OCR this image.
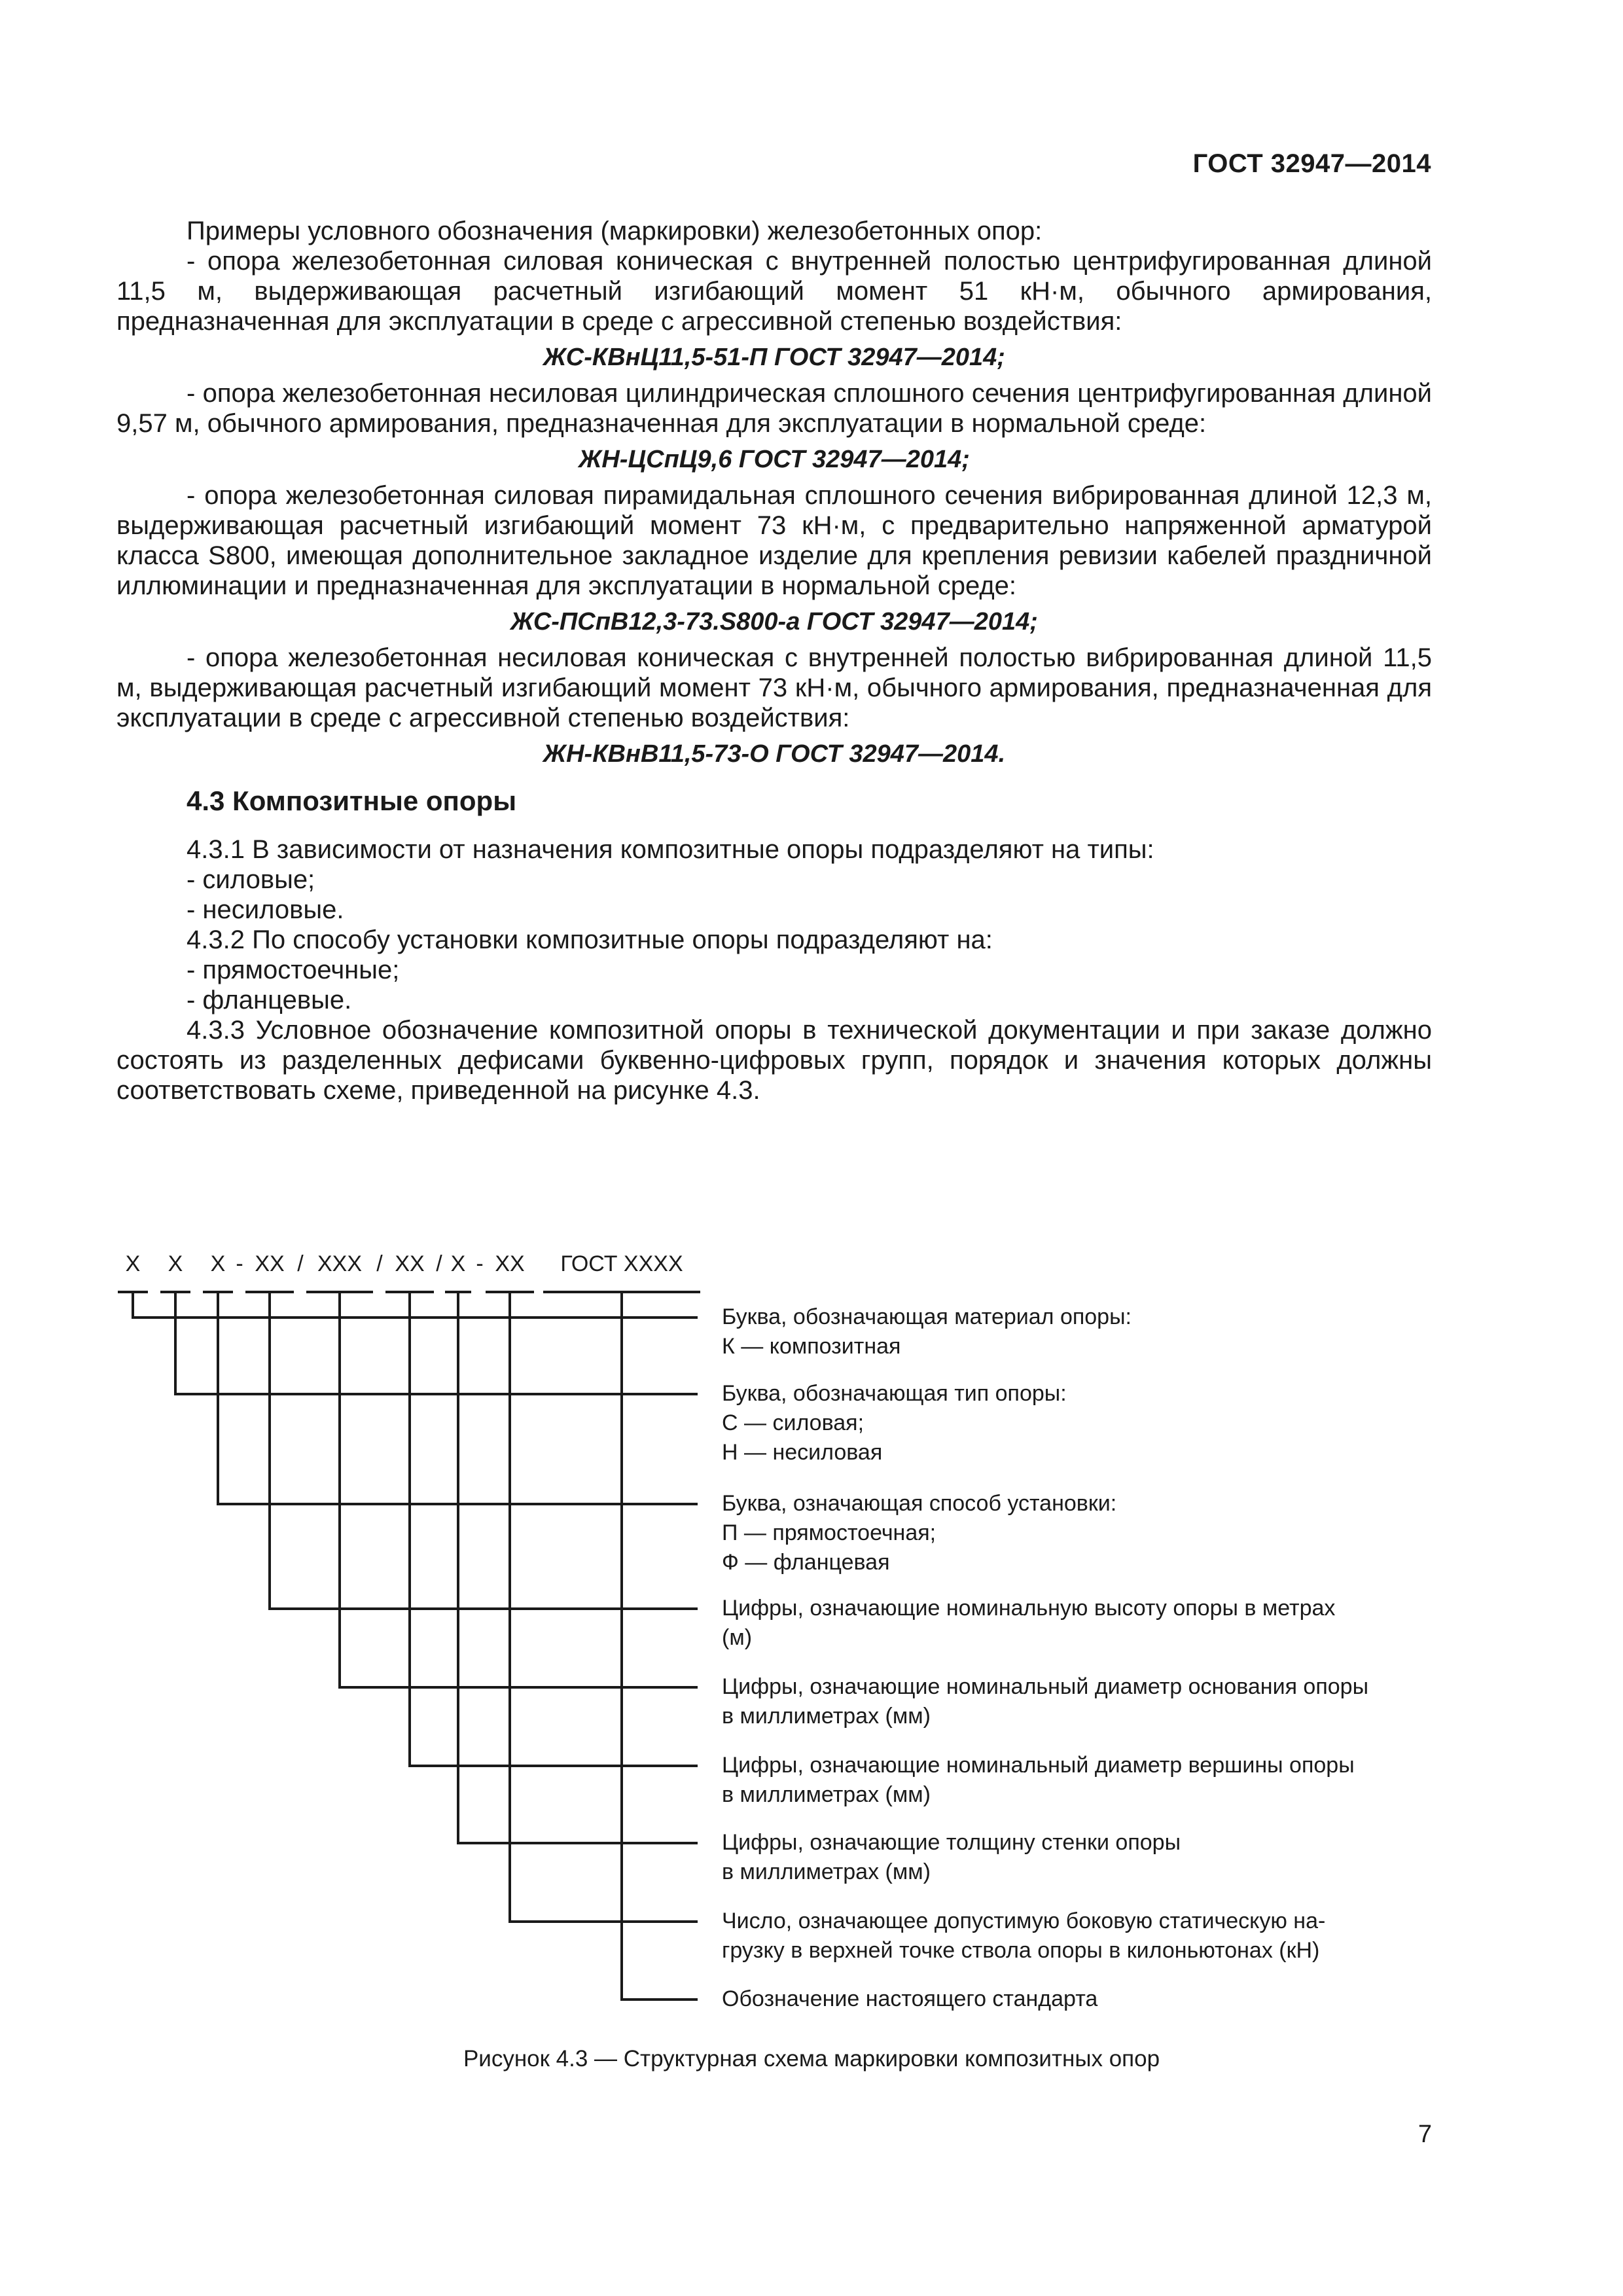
ГОСТ 32947—2014

Примеры условного обозначения (маркировки) железобетонных опор:

- опора железобетонная силовая коническая с внутренней полостью центрифугированная длиной 11,5 м, выдерживающая расчетный изгибающий момент 51 кН·м, обычного армирования, предназначенная для эксплуатации в среде с агрессивной степенью воздействия:

ЖС-КВнЦ11,5-51-П ГОСТ 32947—2014;

- опора железобетонная несиловая цилиндрическая сплошного сечения центрифугированная длиной 9,57 м, обычного армирования, предназначенная для эксплуатации в нормальной среде:

ЖН-ЦСпЦ9,6 ГОСТ 32947—2014;

- опора железобетонная силовая пирамидальная сплошного сечения вибрированная длиной 12,3 м, выдерживающая расчетный изгибающий момент 73 кН·м, с предварительно напряженной арматурой класса S800, имеющая дополнительное закладное изделие для крепления ревизии кабелей праздничной иллюминации и предназначенная для эксплуатации в нормальной среде:

ЖС-ПСпВ12,3-73.S800-а ГОСТ 32947—2014;

- опора железобетонная несиловая коническая с внутренней полостью вибрированная длиной 11,5 м, выдерживающая расчетный изгибающий момент 73 кН·м, обычного армирования, предназначенная для эксплуатации в среде с агрессивной степенью воздействия:

ЖН-КВнВ11,5-73-О ГОСТ 32947—2014.
4.3 Композитные опоры

4.3.1 В зависимости от назначения композитные опоры подразделяют на типы:

- силовые;
- несиловые.

4.3.2 По способу установки композитные опоры подразделяют на:

- прямостоечные;
- фланцевые.

4.3.3 Условное обозначение композитной опоры в технической документации и при заказе должно состоять из разделенных дефисами буквенно-цифровых групп, порядок и значения которых должны соответствовать схеме, приведенной на рисунке 4.3.

X X X - XX / XXX / XX / X - XX ГОСТ XXXX
Буква, обозначающая материал опоры:
К — композитная
Буква, обозначающая тип опоры:
С — силовая;
Н — несиловая
Буква, означающая способ установки:
П — прямостоечная;
Ф — фланцевая
Цифры, означающие номинальную высоту опоры в метрах
(м)
Цифры, означающие номинальный диаметр основания опоры
в миллиметрах (мм)
Цифры, означающие номинальный диаметр вершины опоры
в миллиметрах (мм)
Цифры, означающие толщину стенки опоры
в миллиметрах (мм)
Число, означающее допустимую боковую статическую на-
грузку в верхней точке ствола опоры в килоньютонах (кН)
Обозначение настоящего стандарта
Рисунок 4.3 — Структурная схема маркировки композитных опор
7
